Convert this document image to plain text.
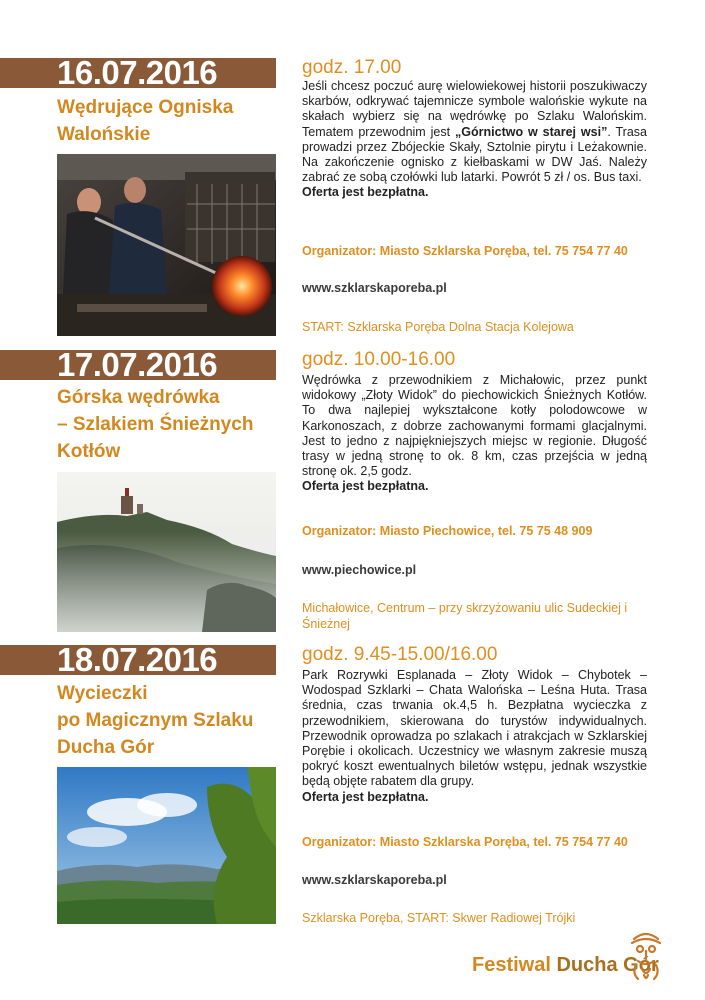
16.07.2016
Wędrujące Ogniska
Walońskie
godz. 17.00
Jeśli chcesz poczuć aurę wielowiekowej historii poszukiwaczy skarbów, odkrywać tajemnicze symbole walońskie wykute na skałach wybierz się na wędrówkę po Szlaku Walońskim. Tematem przewodnim jest „Górnictwo w starej wsi”. Trasa prowadzi przez Zbójeckie Skały, Sztolnie pirytu i Leżakownie. Na zakończenie ognisko z kiełbaskami w DW Jaś. Należy zabrać ze sobą czołówki lub latarki. Powrót 5 zł / os. Bus taxi.
Oferta jest bezpłatna.
Organizator: Miasto Szklarska Poręba, tel. 75 754 77 40
www.szklarskaporeba.pl
START: Szklarska Poręba Dolna Stacja Kolejowa
17.07.2016
Górska wędrówka
– Szlakiem Śnieżnych
Kotłów
godz. 10.00-16.00
Wędrówka z przewodnikiem z Michałowic, przez punkt widokowy „Złoty Widok” do piechowickich Śnieżnych Kotłów. To dwa najlepiej wykształcone kotły polodowcowe w Karkonoszach, z dobrze zachowanymi formami glacjalnymi. Jest to jedno z najpiękniejszych miejsc w regionie. Długość trasy w jedną stronę to ok. 8 km, czas przejścia w jedną stronę ok. 2,5 godz.
Oferta jest bezpłatna.
Organizator: Miasto Piechowice, tel. 75 75 48 909
www.piechowice.pl
Michałowice, Centrum – przy skrzyżowaniu ulic Sudeckiej i Śnieżnej
18.07.2016
Wycieczki
po Magicznym Szlaku
Ducha Gór
godz. 9.45-15.00/16.00
Park Rozrywki Esplanada – Złoty Widok – Chybotek – Wodospad Szklarki – Chata Walońska – Leśna Huta. Trasa średnia, czas trwania ok.4,5 h. Bezpłatna wycieczka z przewodnikiem, skierowana do turystów indywidualnych. Przewodnik oprowadza po szlakach i atrakcjach w Szklarskiej Porębie i okolicach. Uczestnicy we własnym zakresie muszą pokryć koszt ewentualnych biletów wstępu, jednak wszystkie będą objęte rabatem dla grupy.
Oferta jest bezpłatna.
Organizator: Miasto Szklarska Poręba, tel. 75 754 77 40
www.szklarskaporeba.pl
Szklarska Poręba, START: Skwer Radiowej Trójki
Festiwal Ducha Gór
